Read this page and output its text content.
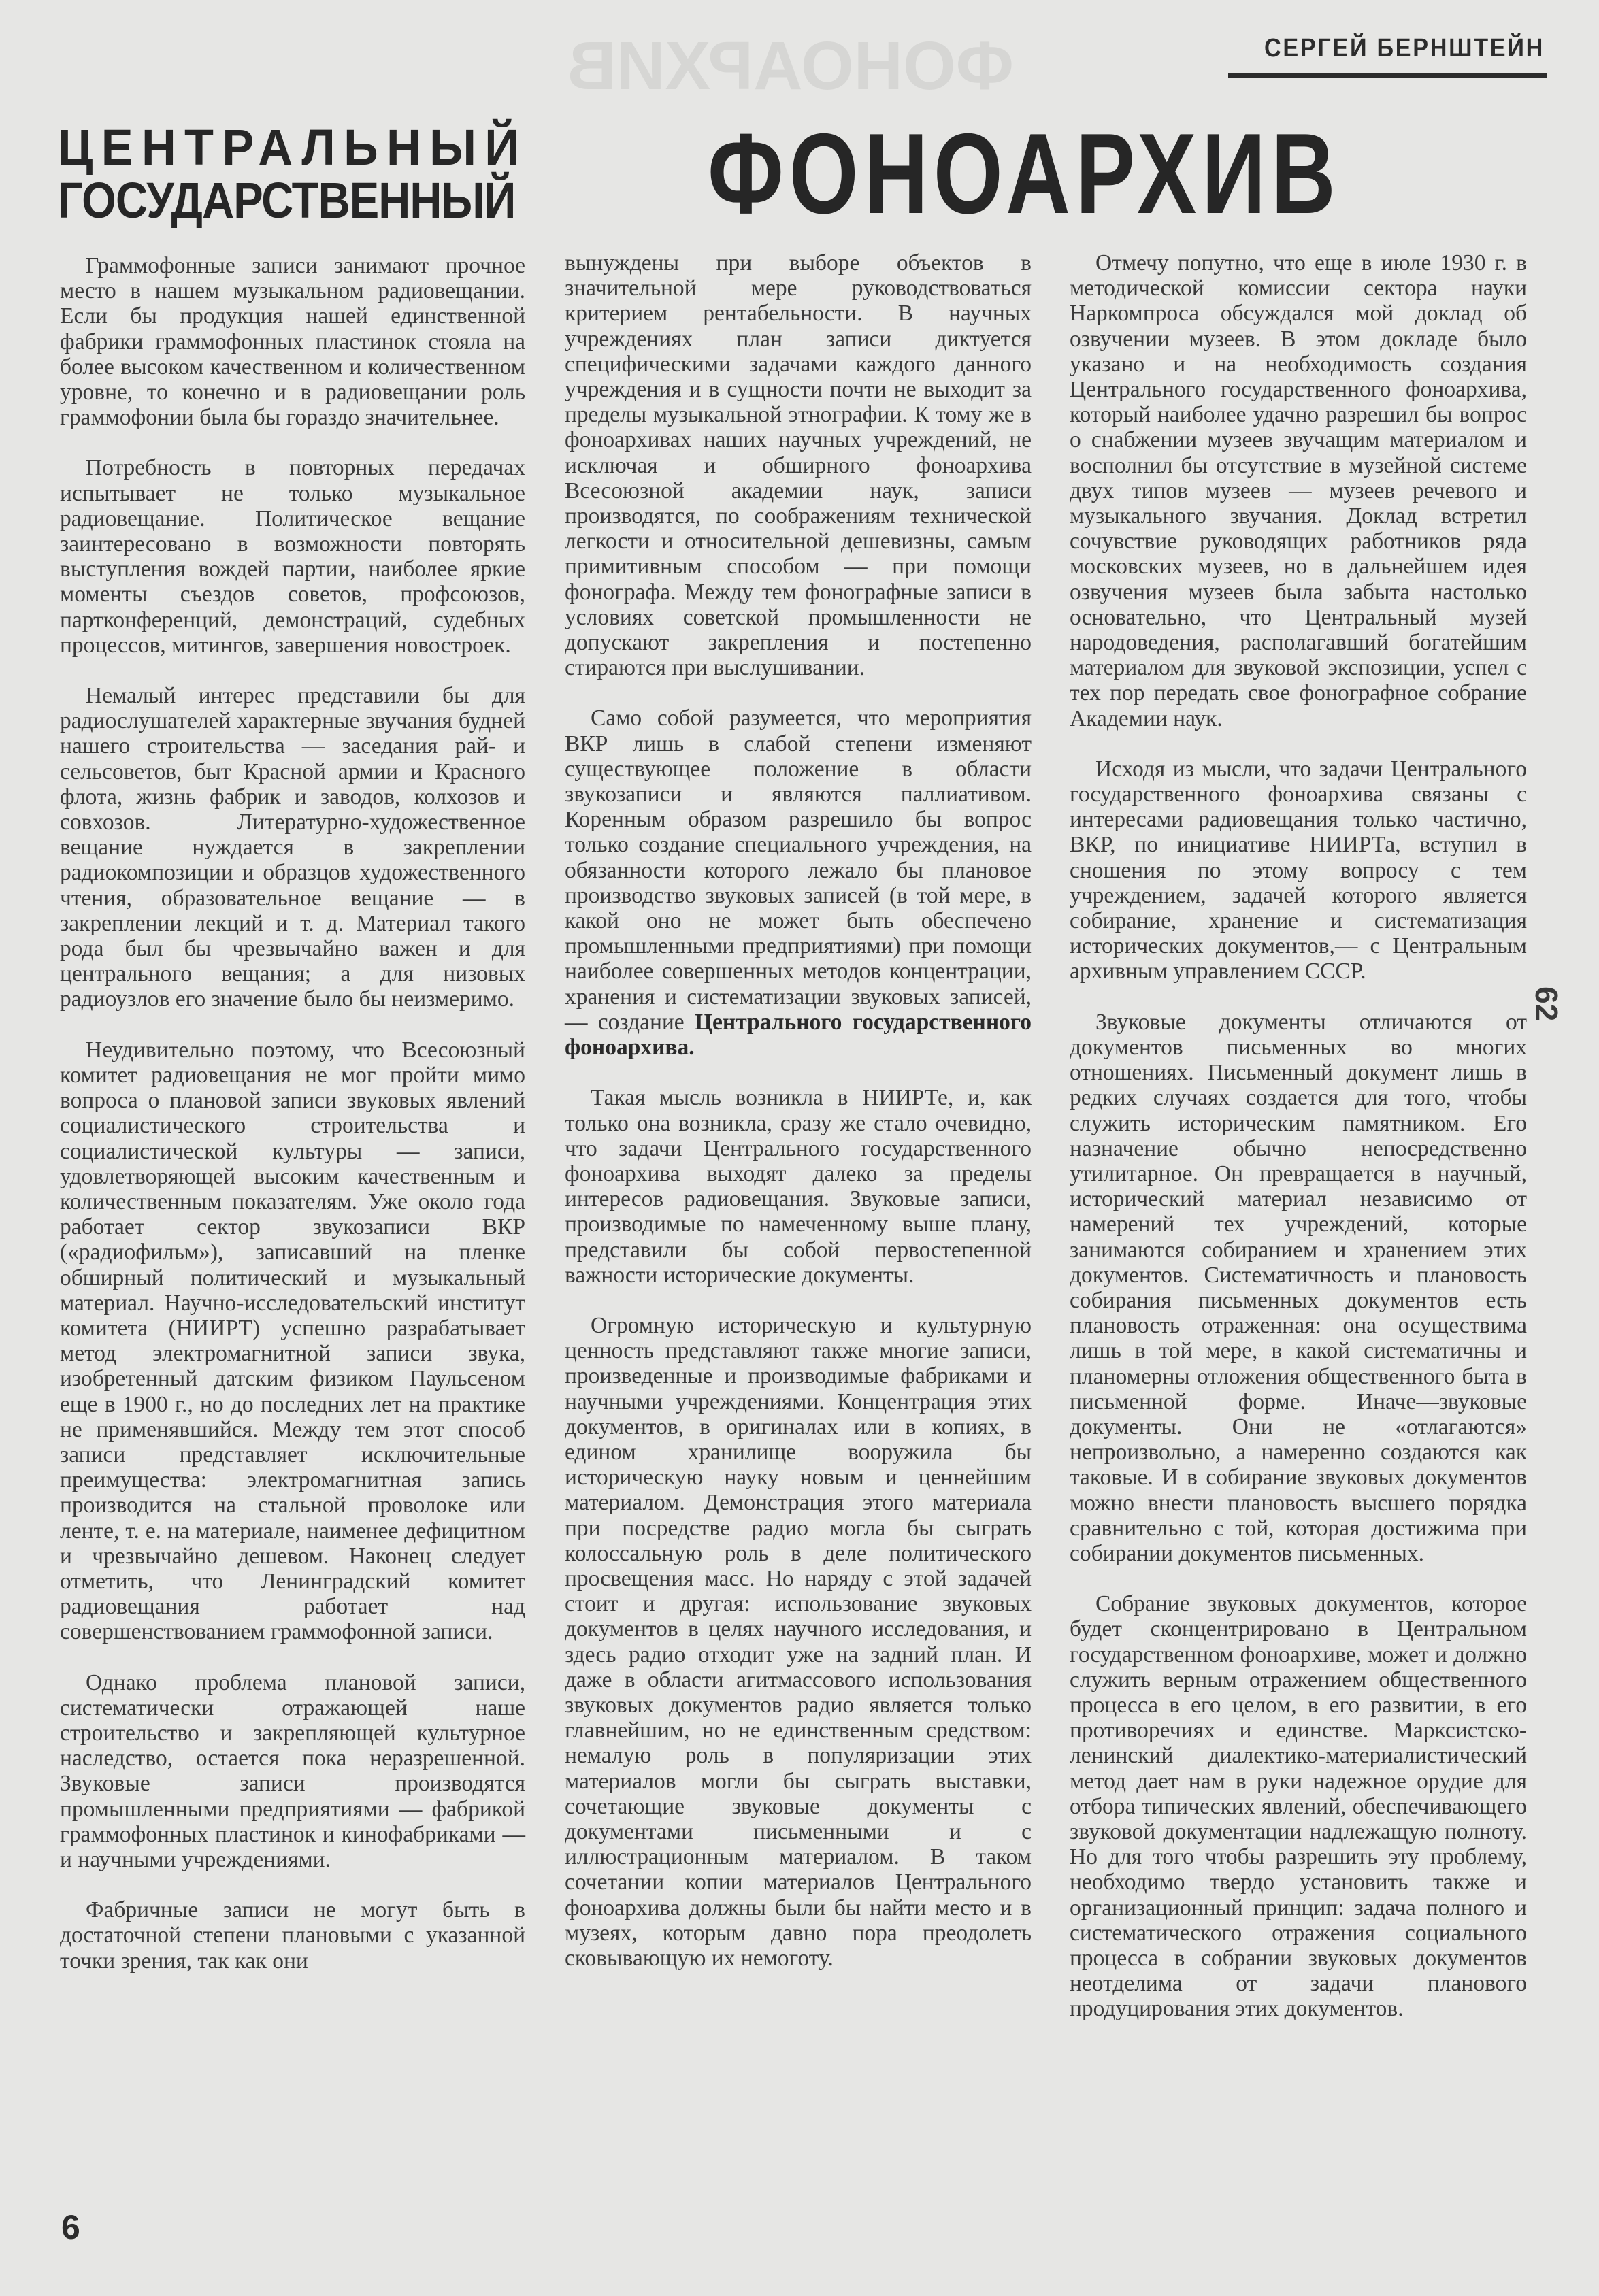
ФОНОАРХИВ	СЕРГЕЙ БЕРНШТЕЙН
ЦЕНТРАЛЬНЫЙ
ГОСУДАРСТВЕННЫЙ	ФОНОАРХИВ

Граммофонные записи занимают прочное место в нашем музыкальном радиовещании. Если бы продукция нашей единственной фабрики граммофонных пластинок стояла на более высоком качественном и количественном уровне, то конечно и в радиовещании роль граммофонии была бы гораздо значительнее.

Потребность в повторных передачах испытывает не только музыкальное радиовещание. Политическое вещание заинтересовано в возможности повторять выступления вождей партии, наиболее яркие моменты съездов советов, профсоюзов, партконференций, демонстраций, судебных процессов, митингов, завершения новостроек.

Немалый интерес представили бы для радиослушателей характерные звучания будней нашего строительства — заседания рай- и сельсоветов, быт Красной армии и Красного флота, жизнь фабрик и заводов, колхозов и совхозов. Литературно-художественное вещание нуждается в закреплении радиокомпозиции и образцов художественного чтения, образовательное вещание — в закреплении лекций и т. д. Материал такого рода был бы чрезвычайно важен и для центрального вещания; а для низовых радиоузлов его значение было бы неизмеримо.

Неудивительно поэтому, что Всесоюзный комитет радиовещания не мог пройти мимо вопроса о плановой записи звуковых явлений социалистического строительства и социалистической культуры — записи, удовлетворяющей высоким качественным и количественным показателям. Уже около года работает сектор звукозаписи ВКР («радиофильм»), записавший на пленке обширный политический и музыкальный материал. Научно-исследовательский институт комитета (НИИРТ) успешно разрабатывает метод электромагнитной записи звука, изобретенный датским физиком Паульсеном еще в 1900 г., но до последних лет на практике не применявшийся. Между тем этот способ записи представляет исключительные преимущества: электромагнитная запись производится на стальной проволоке или ленте, т. е. на материале, наименее дефицитном и чрезвычайно дешевом. Наконец следует отметить, что Ленинградский комитет радиовещания работает над совершенствованием граммофонной записи.

Однако проблема плановой записи, систематически отражающей наше строительство и закрепляющей культурное наследство, остается пока неразрешенной. Звуковые записи производятся промышленными предприятиями — фабрикой граммофонных пластинок и кинофабриками — и научными учреждениями.

Фабричные записи не могут быть в достаточной степени плановыми с указанной точки зрения, так как они

вынуждены при выборе объектов в значительной мере руководствоваться критерием рентабельности. В научных учреждениях план записи диктуется специфическими задачами каждого данного учреждения и в сущности почти не выходит за пределы музыкальной этнографии. К тому же в фоноархивах наших научных учреждений, не исключая и обширного фоноархива Всесоюзной академии наук, записи производятся, по соображениям технической легкости и относительной дешевизны, самым примитивным способом — при помощи фонографа. Между тем фонографные записи в условиях советской промышленности не допускают закрепления и постепенно стираются при выслушивании.

Само собой разумеется, что мероприятия ВКР лишь в слабой степени изменяют существующее положение в области звукозаписи и являются паллиативом. Коренным образом разрешило бы вопрос только создание специального учреждения, на обязанности которого лежало бы плановое производство звуковых записей (в той мере, в какой оно не может быть обеспечено промышленными предприятиями) при помощи наиболее совершенных методов концентрации, хранения и систематизации звуковых записей,— создание Центрального государственного фоноархива.

Такая мысль возникла в НИИРТе, и, как только она возникла, сразу же стало очевидно, что задачи Центрального государственного фоноархива выходят далеко за пределы интересов радиовещания. Звуковые записи, производимые по намеченному выше плану, представили бы собой первостепенной важности исторические документы.

Огромную историческую и культурную ценность представляют также многие записи, произведенные и производимые фабриками и научными учреждениями. Концентрация этих документов, в оригиналах или в копиях, в едином хранилище вооружила бы историческую науку новым и ценнейшим материалом. Демонстрация этого материала при посредстве радио могла бы сыграть колоссальную роль в деле политического просвещения масс. Но наряду с этой задачей стоит и другая: использование звуковых документов в целях научного исследования, и здесь радио отходит уже на задний план. И даже в области агитмассового использования звуковых документов радио является только главнейшим, но не единственным средством: немалую роль в популяризации этих материалов могли бы сыграть выставки, сочетающие звуковые документы с документами письменными и с иллюстрационным материалом. В таком сочетании копии материалов Центрального фоноархива должны были бы найти место и в музеях, которым давно пора преодолеть сковывающую их немоготу.

Отмечу попутно, что еще в июле 1930 г. в методической комиссии сектора науки Наркомпроса обсуждался мой доклад об озвучении музеев. В этом докладе было указано и на необходимость создания Центрального государственного фоноархива, который наиболее удачно разрешил бы вопрос о снабжении музеев звучащим материалом и восполнил бы отсутствие в музейной системе двух типов музеев — музеев речевого и музыкального звучания. Доклад встретил сочувствие руководящих работников ряда московских музеев, но в дальнейшем идея озвучения музеев была забыта настолько основательно, что Центральный музей народоведения, располагавший богатейшим материалом для звуковой экспозиции, успел с тех пор передать свое фонографное собрание Академии наук.

Исходя из мысли, что задачи Центрального государственного фоноархива связаны с интересами радиовещания только частично, ВКР, по инициативе НИИРТа, вступил в сношения по этому вопросу с тем учреждением, задачей которого является собирание, хранение и систематизация исторических документов,— с Центральным архивным управлением СССР.

Звуковые документы отличаются от документов письменных во многих отношениях. Письменный документ лишь в редких случаях создается для того, чтобы служить историческим памятником. Его назначение обычно непосредственно утилитарное. Он превращается в научный, исторический материал независимо от намерений тех учреждений, которые занимаются собиранием и хранением этих документов. Систематичность и плановость собирания письменных документов есть плановость отраженная: она осуществима лишь в той мере, в какой систематичны и планомерны отложения общественного быта в письменной форме. Иначе—звуковые документы. Они не «отлагаются» непроизвольно, а намеренно создаются как таковые. И в собирание звуковых документов можно внести плановость высшего порядка сравнительно с той, которая достижима при собирании документов письменных.

Собрание звуковых документов, которое будет сконцентрировано в Центральном государственном фоноархиве, может и должно служить верным отражением общественного процесса в его целом, в его развитии, в его противоречиях и единстве. Марксистско-ленинский диалектико-материалистический метод дает нам в руки надежное орудие для отбора типических явлений, обеспечивающего звуковой документации надлежащую полноту. Но для того чтобы разрешить эту проблему, необходимо твердо установить также и организационный принцип: задача полного и систематического отражения социального процесса в собрании звуковых документов неотделима от задачи планового продуцирования этих документов.

62
6
